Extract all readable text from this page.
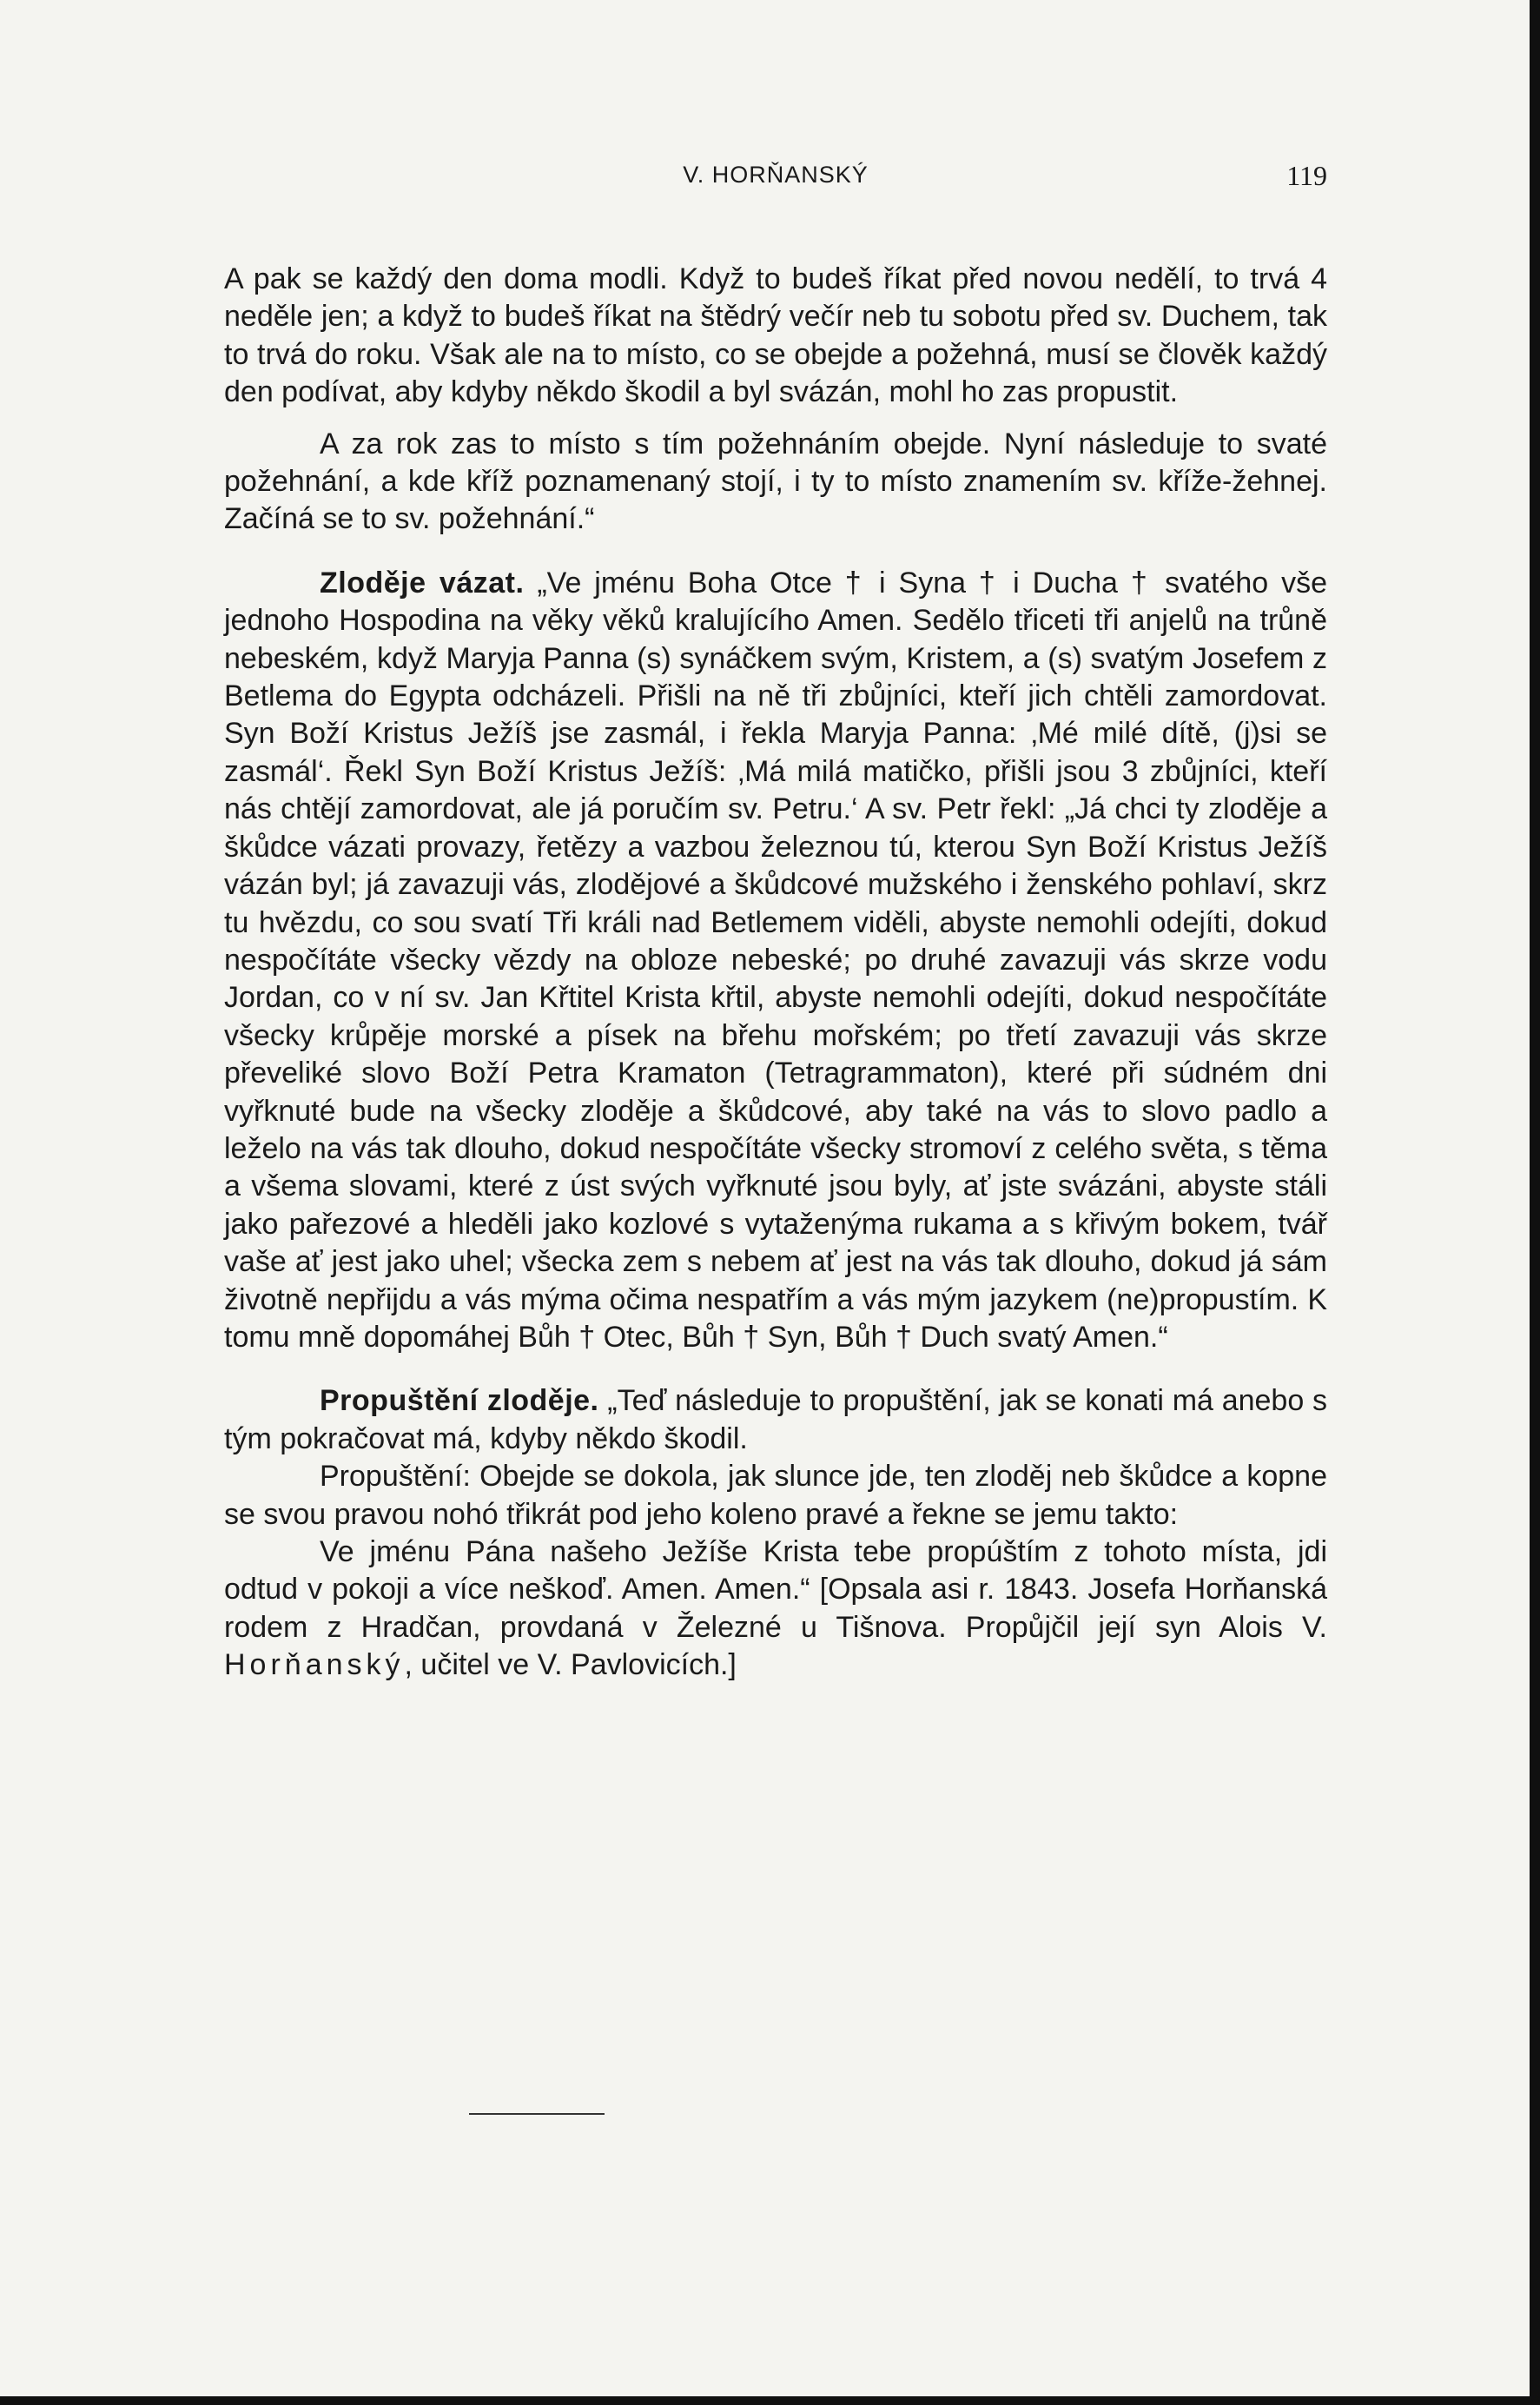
V. HORŇANSKÝ	119

A pak se každý den doma modli. Když to budeš říkat před novou nedělí, to trvá 4 neděle jen; a když to budeš říkat na štědrý večír neb tu sobotu před sv. Duchem, tak to trvá do roku. Však ale na to místo, co se obejde a požehná, musí se člověk každý den podívat, aby kdyby někdo škodil a byl svázán, mohl ho zas propustit.

A za rok zas to místo s tím požehnáním obejde. Nyní následuje to svaté požehnání, a kde kříž poznamenaný stojí, i ty to místo znamením sv. kříže-žehnej. Začíná se to sv. požehnání.“

Zloděje vázat. „Ve jménu Boha Otce † i Syna † i Ducha † svatého vše jednoho Hospodina na věky věků kralujícího Amen. Sedělo třiceti tři anjelů na trůně nebeském, když Maryja Panna (s) synáčkem svým, Kristem, a (s) svatým Josefem z Betlema do Egypta odcházeli. Přišli na ně tři zbůjníci, kteří jich chtěli zamordovat. Syn Boží Kristus Ježíš jse zasmál, i řekla Maryja Panna: ‚Mé milé dítě, (j)si se zasmál‘. Řekl Syn Boží Kristus Ježíš: ‚Má milá matičko, přišli jsou 3 zbůjníci, kteří nás chtějí zamordovat, ale já poručím sv. Petru.‘ A sv. Petr řekl: „Já chci ty zloděje a škůdce vázati provazy, řetězy a vazbou železnou tú, kterou Syn Boží Kristus Ježíš vázán byl; já zavazuji vás, zlodějové a škůdcové mužského i ženského pohlaví, skrz tu hvězdu, co sou svatí Tři králi nad Betlemem viděli, abyste nemohli odejíti, dokud nespočítáte všecky vězdy na obloze nebeské; po druhé zavazuji vás skrze vodu Jordan, co v ní sv. Jan Křtitel Krista křtil, abyste nemohli odejíti, dokud nespočítáte všecky krůpěje morské a písek na břehu mořském; po třetí zavazuji vás skrze převeliké slovo Boží Petra Kramaton (Tetragrammaton), které při súdném dni vyřknuté bude na všecky zloděje a škůdcové, aby také na vás to slovo padlo a leželo na vás tak dlouho, dokud nespočítáte všecky stromoví z celého světa, s těma a všema slovami, které z úst svých vyřknuté jsou byly, ať jste svázáni, abyste stáli jako pařezové a hleděli jako kozlové s vytaženýma rukama a s křivým bokem, tvář vaše ať jest jako uhel; všecka zem s nebem ať jest na vás tak dlouho, dokud já sám životně nepřijdu a vás mýma očima nespatřím a vás mým jazykem (ne)propustím. K tomu mně dopomáhej Bůh † Otec, Bůh † Syn, Bůh † Duch svatý Amen.“

Propuštění zloděje. „Teď následuje to propuštění, jak se konati má anebo s tým pokračovat má, kdyby někdo škodil.

Propuštění: Obejde se dokola, jak slunce jde, ten zloděj neb škůdce a kopne se svou pravou nohó třikrát pod jeho koleno pravé a řekne se jemu takto:

Ve jménu Pána našeho Ježíše Krista tebe propúštím z tohoto místa, jdi odtud v pokoji a více neškoď. Amen. Amen.“ [Opsala asi r. 1843. Josefa Horňanská rodem z Hradčan, provdaná v Železné u Tišnova. Propůjčil její syn Alois V. Horňanský, učitel ve V. Pavlovicích.]
